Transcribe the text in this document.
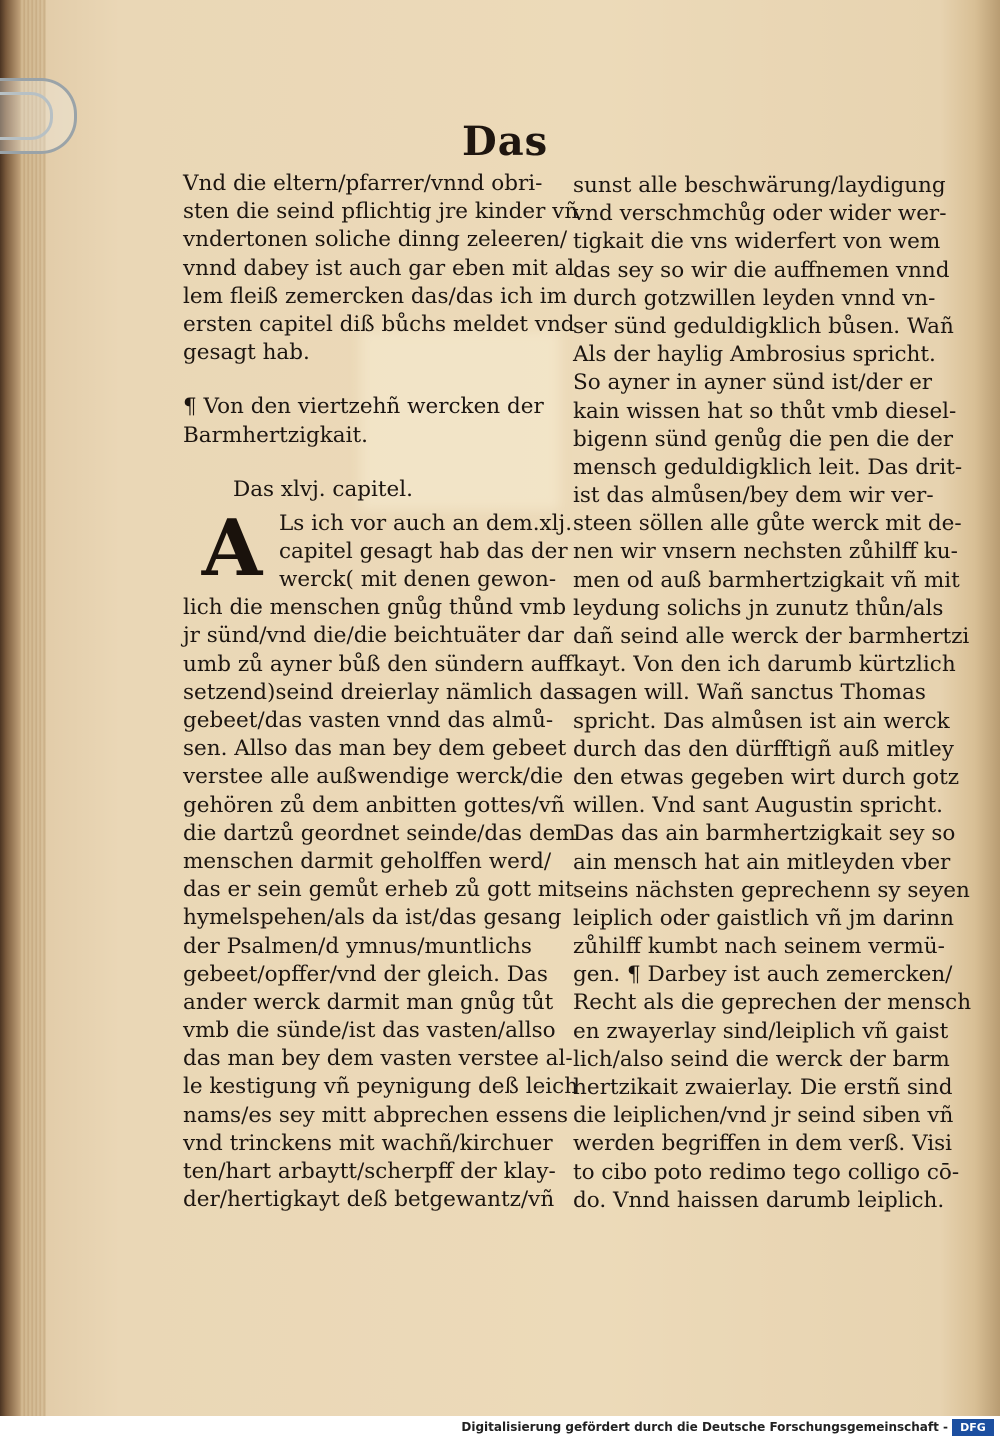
Das
Vnd die eltern/pfarrer/vnnd obri-
sten die seind pflichtig jre kinder vñ
vndertonen soliche dinng zeleeren/
vnnd dabey ist auch gar eben mit al
lem fleiß zemercken das/das ich im
ersten capitel diß bůchs meldet vnd
gesagt hab.
¶ Von den viertzehñ wercken der
Barmhertzigkait.
Das xlvj. capitel.
A Ls ich vor auch an dem.xlj.
capitel gesagt hab das der
werck( mit denen gewon-
lich die menschen gnůg thůnd vmb
jr sünd/vnd die/die beichtuäter dar
umb zů ayner bůß den sündern auff
setzend)seind dreierlay nämlich das
gebeet/das vasten vnnd das almů-
sen. Allso das man bey dem gebeet
verstee alle außwendige werck/die
gehören zů dem anbitten gottes/vñ
die dartzů geordnet seinde/das dem
menschen darmit geholffen werd/
das er sein gemůt erheb zů gott mit
hymelspehen/als da ist/das gesang
der Psalmen/d ymnus/muntlichs
gebeet/opffer/vnd der gleich. Das
ander werck darmit man gnůg tůt
vmb die sünde/ist das vasten/allso
das man bey dem vasten verstee al-
le kestigung vñ peynigung deß leich
nams/es sey mitt abprechen essens
vnd trinckens mit wachñ/kirchuer
ten/hart arbaytt/scherpff der klay-
der/hertigkayt deß betgewantz/vñ
sunst alle beschwärung/laydigung
vnd verschmchůg oder wider wer-
tigkait die vns widerfert von wem
das sey so wir die auffnemen vnnd
durch gotzwillen leyden vnnd vn-
ser sünd geduldigklich bůsen. Wañ
Als der haylig Ambrosius spricht.
So ayner in ayner sünd ist/der er
kain wissen hat so thůt vmb diesel-
bigenn sünd genůg die pen die der
mensch geduldigklich leit. Das drit-
ist das almůsen/bey dem wir ver-
steen söllen alle gůte werck mit de-
nen wir vnsern nechsten zůhilff ku-
men od auß barmhertzigkait vñ mit
leydung solichs jn zunutz thůn/als
dañ seind alle werck der barmhertzi
kayt. Von den ich darumb kürtzlich
sagen will. Wañ sanctus Thomas
spricht. Das almůsen ist ain werck
durch das den dürfftigñ auß mitley
den etwas gegeben wirt durch gotz
willen. Vnd sant Augustin spricht.
Das das ain barmhertzigkait sey so
ain mensch hat ain mitleyden vber
seins nächsten geprechenn sy seyen
leiplich oder gaistlich vñ jm darinn
zůhilff kumbt nach seinem vermü-
gen. ¶ Darbey ist auch zemercken/
Recht als die geprechen der mensch
en zwayerlay sind/leiplich vñ gaist
lich/also seind die werck der barm
hertzikait zwaierlay. Die erstñ sind
die leiplichen/vnd jr seind siben vñ
werden begriffen in dem verß. Visi
to cibo poto redimo tego colligo cō-
do. Vnnd haissen darumb leiplich.
Digitalisierung gefördert durch die Deutsche Forschungsgemeinschaft -	DFG
